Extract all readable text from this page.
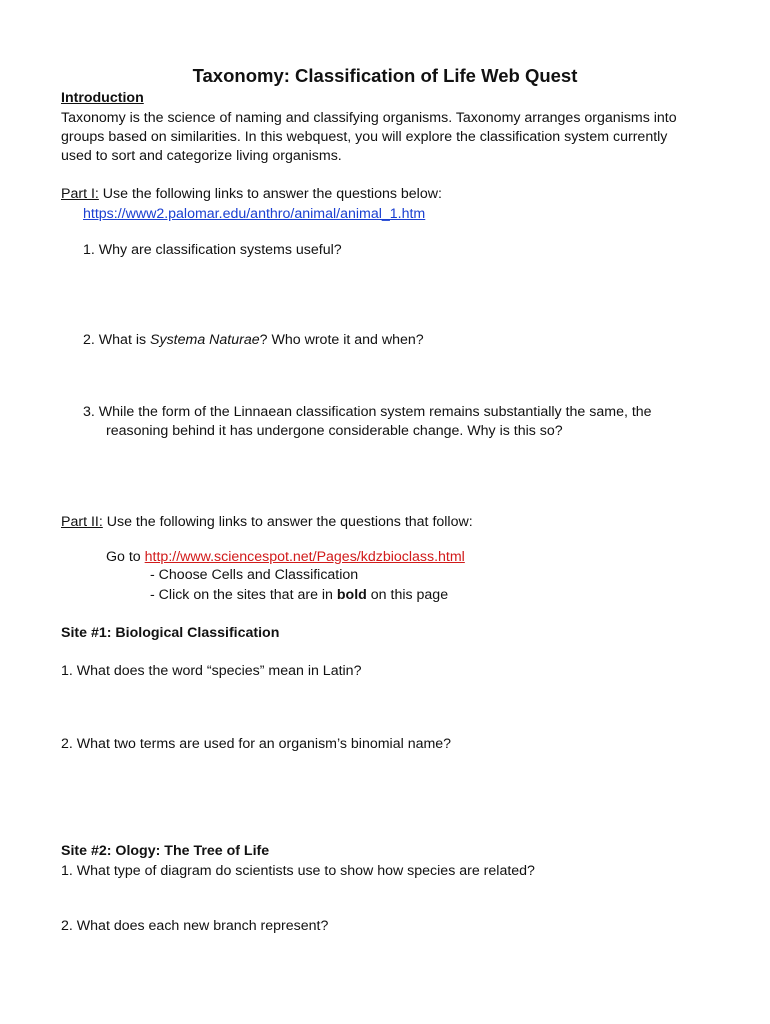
Taxonomy: Classification of Life Web Quest
Introduction
Taxonomy is the science of naming and classifying organisms. Taxonomy arranges organisms into
groups based on similarities. In this webquest, you will explore the classification system currently
used to sort and categorize living organisms.
Part I: Use the following links to answer the questions below:
https://www2.palomar.edu/anthro/animal/animal_1.htm
1. Why are classification systems useful?
2. What is Systema Naturae? Who wrote it and when?
3. While the form of the Linnaean classification system remains substantially the same, the
reasoning behind it has undergone considerable change. Why is this so?
Part II: Use the following links to answer the questions that follow:
Go to http://www.sciencespot.net/Pages/kdzbioclass.html
- Choose Cells and Classification
- Click on the sites that are in bold on this page
Site #1: Biological Classification
1. What does the word “species” mean in Latin?
2. What two terms are used for an organism’s binomial name?
Site #2: Ology: The Tree of Life
1. What type of diagram do scientists use to show how species are related?
2. What does each new branch represent?
